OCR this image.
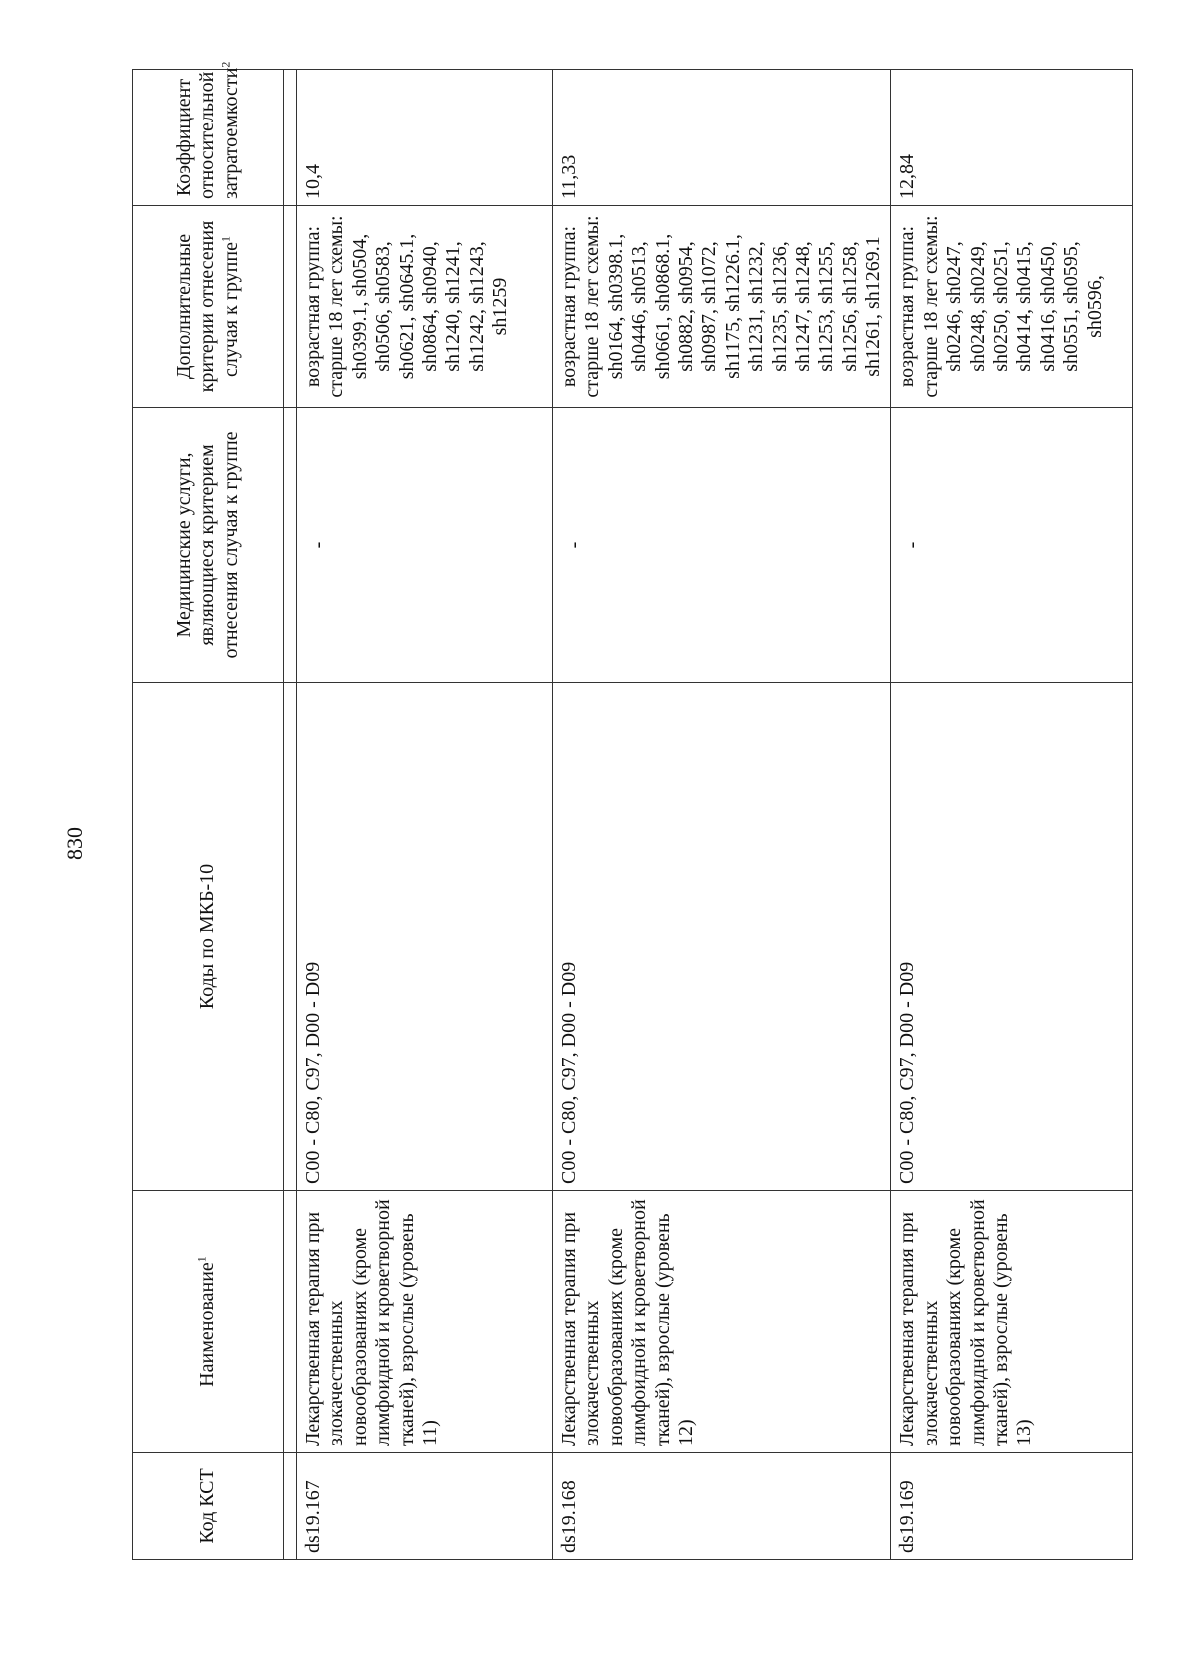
830
Код КСТ	Наименование$^1$	Коды по МКБ-10	Медицинские услуги, являющиеся критерием отнесения случая к группе	Дополнительные критерии отнесения случая к группе$^1$	Коэффициент относительной затратоемкости$^2$

ds19.167	Лекарственная терапия при злокачественных новообразованиях (кроме лимфоидной и кроветворной тканей), взрослые (уровень 11)	C00 - C80, C97, D00 - D09	-	возрастная группа: старше 18 лет схемы: sh0399.1, sh0504, sh0506, sh0583, sh0621, sh0645.1, sh0864, sh0940, sh1240, sh1241, sh1242, sh1243, sh1259	10,4
ds19.168	Лекарственная терапия при злокачественных новообразованиях (кроме лимфоидной и кроветворной тканей), взрослые (уровень 12)	C00 - C80, C97, D00 - D09	-	возрастная группа: старше 18 лет схемы: sh0164, sh0398.1, sh0446, sh0513, sh0661, sh0868.1, sh0882, sh0954, sh0987, sh1072, sh1175, sh1226.1, sh1231, sh1232, sh1235, sh1236, sh1247, sh1248, sh1253, sh1255, sh1256, sh1258, sh1261, sh1269.1	11,33
ds19.169	Лекарственная терапия при злокачественных новообразованиях (кроме лимфоидной и кроветворной тканей), взрослые (уровень 13)	C00 - C80, C97, D00 - D09	-	возрастная группа: старше 18 лет схемы: sh0246, sh0247, sh0248, sh0249, sh0250, sh0251, sh0414, sh0415, sh0416, sh0450, sh0551, sh0595, sh0596,	12,84
